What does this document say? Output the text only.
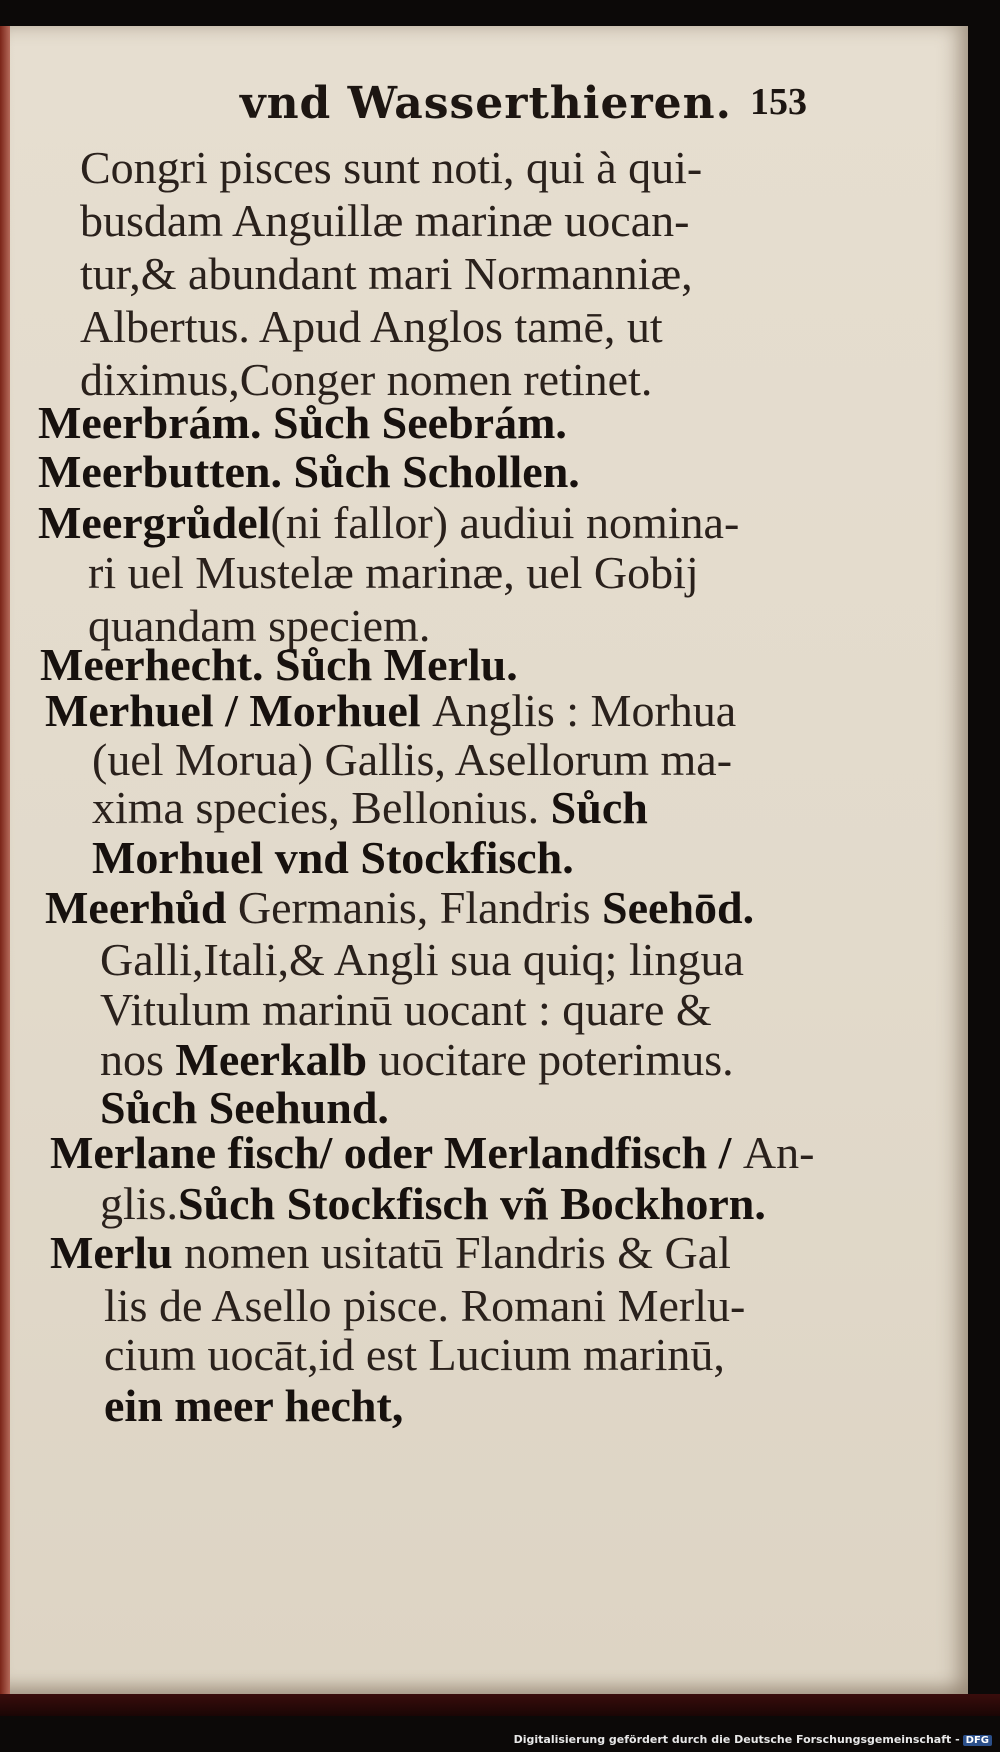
vnd Wasserthieren. 153
Congri pisces sunt noti, qui à qui-
busdam Anguillæ marinæ uocan-
tur,& abundant mari Normanniæ,
Albertus. Apud Anglos tamē, ut
diximus,Conger nomen retinet.
Meerbrám. Sůch Seebrám.
Meerbutten. Sůch Schollen.
Meergrůdel(ni fallor) audiui nomina-
ri uel Mustelæ marinæ, uel Gobij
quandam speciem.
Meerhecht. Sůch Merlu.
Merhuel / Morhuel Anglis : Morhua
(uel Morua) Gallis, Asellorum ma-
xima species, Bellonius. Sůch
Morhuel vnd Stockfisch.
Meerhůd Germanis, Flandris Seehōd.
Galli,Itali,& Angli sua quiq; lingua
Vitulum marinū uocant : quare &
nos Meerkalb uocitare poterimus.
Sůch Seehund.
Merlane fisch/ oder Merlandfisch / An-
glis.Sůch Stockfisch vñ Bockhorn.
Merlu nomen usitatū Flandris & Gal
lis de Asello pisce. Romani Merlu-
cium uocāt,id est Lucium marinū,
ein meer hecht,
Digitalisierung gefördert durch die Deutsche Forschungsgemeinschaft - DFG
